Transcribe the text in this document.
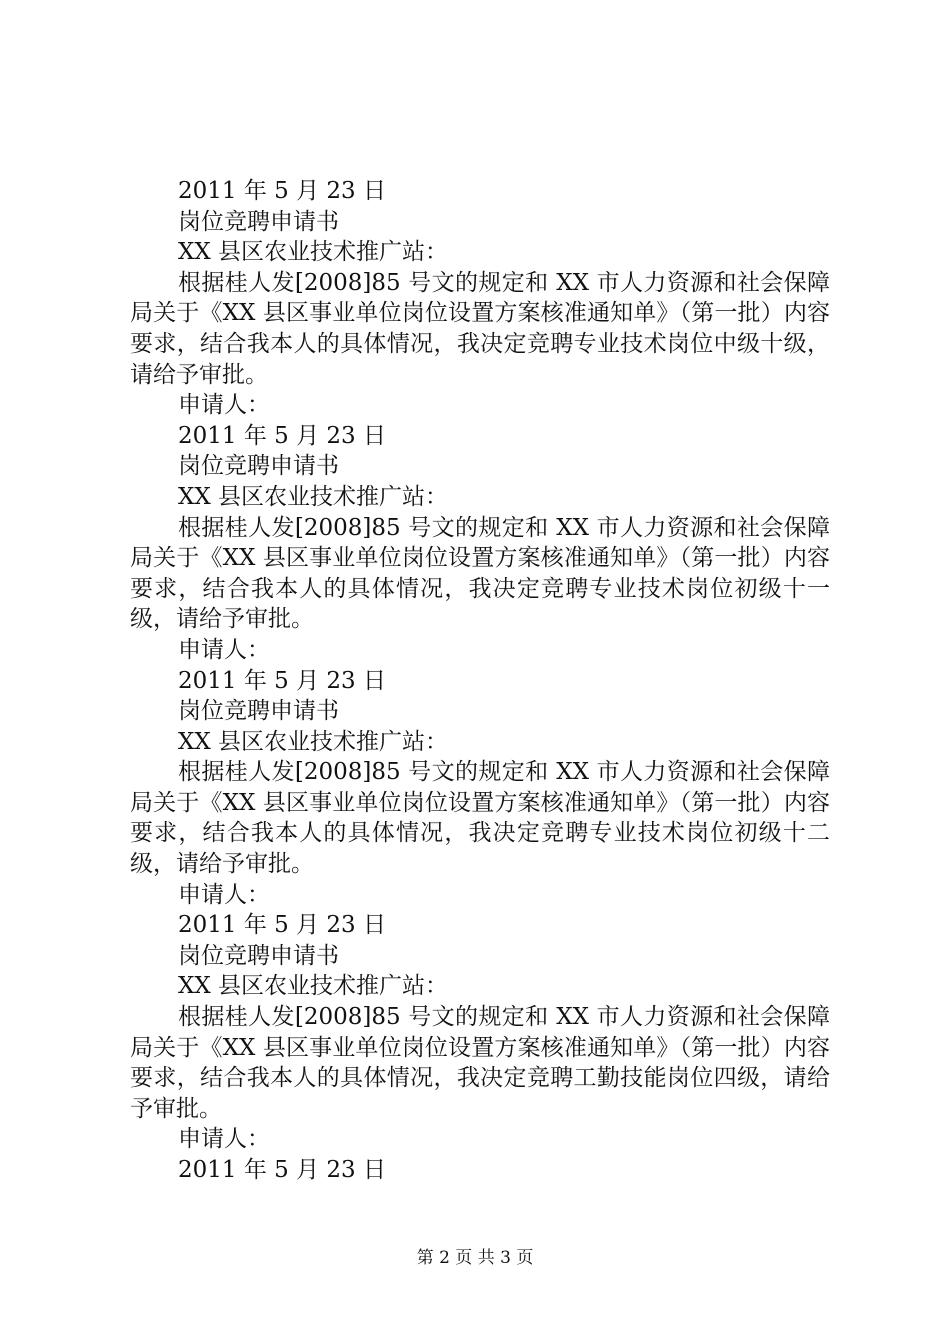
2011 年 5 月 23 日
岗位竞聘申请书
XX 县区农业技术推广站：

根据桂人发[2008]85 号文的规定和 XX 市人力资源和社会保障局关于《XX 县区事业单位岗位设置方案核准通知单》（第一批）内容要求，结合我本人的具体情况，我决定竞聘专业技术岗位中级十级，请给予审批。

申请人：
2011 年 5 月 23 日
岗位竞聘申请书
XX 县区农业技术推广站：

根据桂人发[2008]85 号文的规定和 XX 市人力资源和社会保障局关于《XX 县区事业单位岗位设置方案核准通知单》（第一批）内容要求，结合我本人的具体情况，我决定竞聘专业技术岗位初级十一级，请给予审批。

申请人：
2011 年 5 月 23 日
岗位竞聘申请书
XX 县区农业技术推广站：

根据桂人发[2008]85 号文的规定和 XX 市人力资源和社会保障局关于《XX 县区事业单位岗位设置方案核准通知单》（第一批）内容要求，结合我本人的具体情况，我决定竞聘专业技术岗位初级十二级，请给予审批。

申请人：
2011 年 5 月 23 日
岗位竞聘申请书
XX 县区农业技术推广站：

根据桂人发[2008]85 号文的规定和 XX 市人力资源和社会保障局关于《XX 县区事业单位岗位设置方案核准通知单》（第一批）内容要求，结合我本人的具体情况，我决定竞聘工勤技能岗位四级，请给予审批。

申请人：
2011 年 5 月 23 日
第 2 页 共 3 页
